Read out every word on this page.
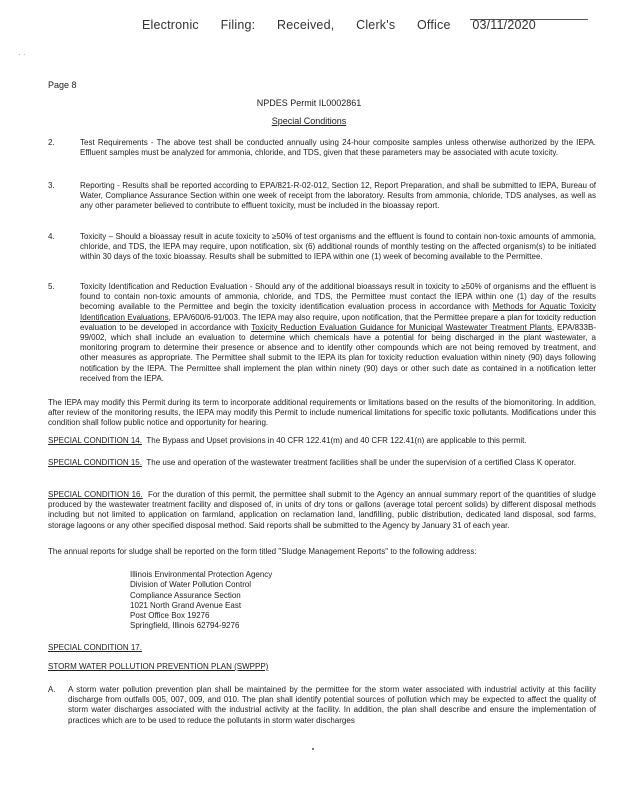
Electronic Filing: Received, Clerk's Office 03/11/2020
· ·
Page 8
NPDES Permit IL0002861
Special Conditions
2.	Test Requirements - The above test shall be conducted annually using 24-hour composite samples unless otherwise authorized by the IEPA. Effluent samples must be analyzed for ammonia, chloride, and TDS, given that these parameters may be associated with acute toxicity.
3.	Reporting - Results shall be reported according to EPA/821-R-02-012, Section 12, Report Preparation, and shall be submitted to IEPA, Bureau of Water, Compliance Assurance Section within one week of receipt from the laboratory. Results from ammonia, chloride, TDS analyses, as well as any other parameter believed to contribute to effluent toxicity, must be included in the bioassay report.
4.	Toxicity – Should a bioassay result in acute toxicity to ≥50% of test organisms and the effluent is found to contain non-toxic amounts of ammonia, chloride, and TDS, the IEPA may require, upon notification, six (6) additional rounds of monthly testing on the affected organism(s) to be initiated within 30 days of the toxic bioassay. Results shall be submitted to IEPA within one (1) week of becoming available to the Permittee.
5.	Toxicity Identification and Reduction Evaluation - Should any of the additional bioassays result in toxicity to ≥50% of organisms and the effluent is found to contain non-toxic amounts of ammonia, chloride, and TDS, the Permittee must contact the IEPA within one (1) day of the results becoming available to the Permittee and begin the toxicity identification evaluation process in accordance with Methods for Aquatic Toxicity Identification Evaluations, EPA/600/6-91/003. The IEPA may also require, upon notification, that the Permittee prepare a plan for toxicity reduction evaluation to be developed in accordance with Toxicity Reduction Evaluation Guidance for Municipal Wastewater Treatment Plants, EPA/833B-99/002, which shall include an evaluation to determine which chemicals have a potential for being discharged in the plant wastewater, a monitoring program to determine their presence or absence and to identify other compounds which are not being removed by treatment, and other measures as appropriate. The Permittee shall submit to the IEPA its plan for toxicity reduction evaluation within ninety (90) days following notification by the IEPA. The Permittee shall implement the plan within ninety (90) days or other such date as contained in a notification letter received from the IEPA.
The IEPA may modify this Permit during its term to incorporate additional requirements or limitations based on the results of the biomonitoring. In addition, after review of the monitoring results, the IEPA may modify this Permit to include numerical limitations for specific toxic pollutants. Modifications under this condition shall follow public notice and opportunity for hearing.
SPECIAL CONDITION 14. The Bypass and Upset provisions in 40 CFR 122.41(m) and 40 CFR 122.41(n) are applicable to this permit.
SPECIAL CONDITION 15. The use and operation of the wastewater treatment facilities shall be under the supervision of a certified Class K operator.
SPECIAL CONDITION 16. For the duration of this permit, the permittee shall submit to the Agency an annual summary report of the quantities of sludge produced by the wastewater treatment facility and disposed of, in units of dry tons or gallons (average total percent solids) by different disposal methods including but not limited to application on farmland, application on reclamation land, landfilling, public distribution, dedicated land disposal, sod farms, storage lagoons or any other specified disposal method. Said reports shall be submitted to the Agency by January 31 of each year.
The annual reports for sludge shall be reported on the form titled "Sludge Management Reports" to the following address:
Illinois Environmental Protection Agency
Division of Water Pollution Control
Compliance Assurance Section
1021 North Grand Avenue East
Post Office Box 19276
Springfield, Illinois 62794-9276
SPECIAL CONDITION 17.
STORM WATER POLLUTION PREVENTION PLAN (SWPPP)
A.	A storm water pollution prevention plan shall be maintained by the permittee for the storm water associated with industrial activity at this facility discharge from outfalls 005, 007, 009, and 010. The plan shall identify potential sources of pollution which may be expected to affect the quality of storm water discharges associated with the industrial activity at the facility. In addition, the plan shall describe and ensure the implementation of practices which are to be used to reduce the pollutants in storm water discharges
